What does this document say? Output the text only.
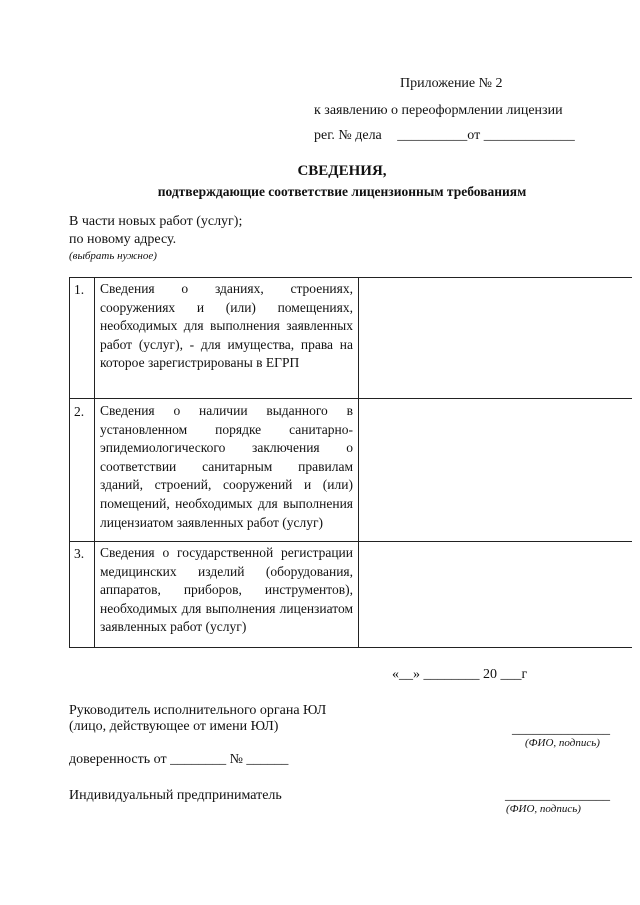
Приложение № 2
к заявлению о переоформлении лицензии
рег. № дела __________от _____________
СВЕДЕНИЯ,
подтверждающие соответствие лицензионным требованиям
В части новых работ (услуг);
по новому адресу.
(выбрать нужное)
1. Сведения о зданиях, строениях, сооружениях и (или) помещениях, необходимых для выполнения заявленных работ (услуг), - для имущества, права на которое зарегистрированы в ЕГРП
2. Сведения о наличии выданного в установленном порядке санитарно-эпидемиологического заключения о соответствии санитарным правилам зданий, строений, сооружений и (или) помещений, необходимых для выполнения лицензиатом заявленных работ (услуг)
3. Сведения о государственной регистрации медицинских изделий (оборудования, аппаратов, приборов, инструментов), необходимых для выполнения лицензиатом заявленных работ (услуг)
«__» ________ 20 ___г
Руководитель исполнительного органа ЮЛ
(лицо, действующее от имени ЮЛ)	______________
(ФИО, подпись)
доверенность от ________ № ______
Индивидуальный предприниматель	_______________
(ФИО, подпись)
